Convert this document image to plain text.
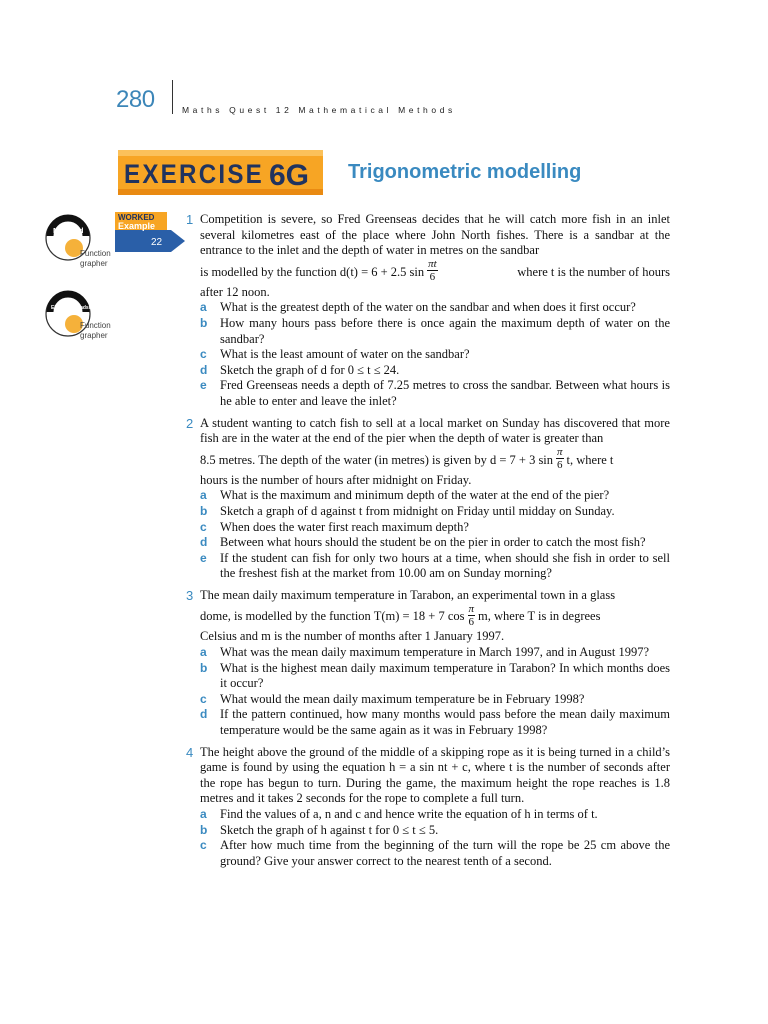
280	Maths Quest 12 Mathematical Methods
EXERCISE 6G Trigonometric modelling
Mathcad
Function
grapher
EXCEL Spreadsheet
Function
grapher
WORKED
Example
22
1 Competition is severe, so Fred Greenseas decides that he will catch more fish in an inlet several kilometres east of the place where John North fishes. There is a sandbar at the entrance to the inlet and the depth of water in metres on the sandbar
is modelled by the function d(t) = 6 + 2.5 $\sin \frac{\pi t}{6}$	where t is the number of hours
after 12 noon.
a What is the greatest depth of the water on the sandbar and when does it first occur?
b How many hours pass before there is once again the maximum depth of water on the sandbar?
c What is the least amount of water on the sandbar?
d Sketch the graph of d for 0 ≤ t ≤ 24.
e Fred Greenseas needs a depth of 7.25 metres to cross the sandbar. Between what hours is he able to enter and leave the inlet?
2 A student wanting to catch fish to sell at a local market on Sunday has discovered that more fish are in the water at the end of the pier when the depth of water is greater than
8.5 metres. The depth of the water (in metres) is given by d = 7 + 3 $\sin \frac{\pi}{6} t$, where t
hours is the number of hours after midnight on Friday.
a What is the maximum and minimum depth of the water at the end of the pier?
b Sketch a graph of d against t from midnight on Friday until midday on Sunday.
c When does the water first reach maximum depth?
d Between what hours should the student be on the pier in order to catch the most fish?
e If the student can fish for only two hours at a time, when should she fish in order to sell the freshest fish at the market from 10.00 am on Sunday morning?
3 The mean daily maximum temperature in Tarabon, an experimental town in a glass
dome, is modelled by the function T(m) = 18 + 7 $\cos \frac{\pi}{6} m$, where T is in degrees
Celsius and m is the number of months after 1 January 1997.
a What was the mean daily maximum temperature in March 1997, and in August 1997?
b What is the highest mean daily maximum temperature in Tarabon? In which months does it occur?
c What would the mean daily maximum temperature be in February 1998?
d If the pattern continued, how many months would pass before the mean daily maximum temperature would be the same again as it was in February 1998?
4 The height above the ground of the middle of a skipping rope as it is being turned in a child’s game is found by using the equation h = a sin nt + c, where t is the number of seconds after the rope has begun to turn. During the game, the maximum height the rope reaches is 1.8 metres and it takes 2 seconds for the rope to complete a full turn.
a Find the values of a, n and c and hence write the equation of h in terms of t.
b Sketch the graph of h against t for 0 ≤ t ≤ 5.
c After how much time from the beginning of the turn will the rope be 25 cm above the ground? Give your answer correct to the nearest tenth of a second.
